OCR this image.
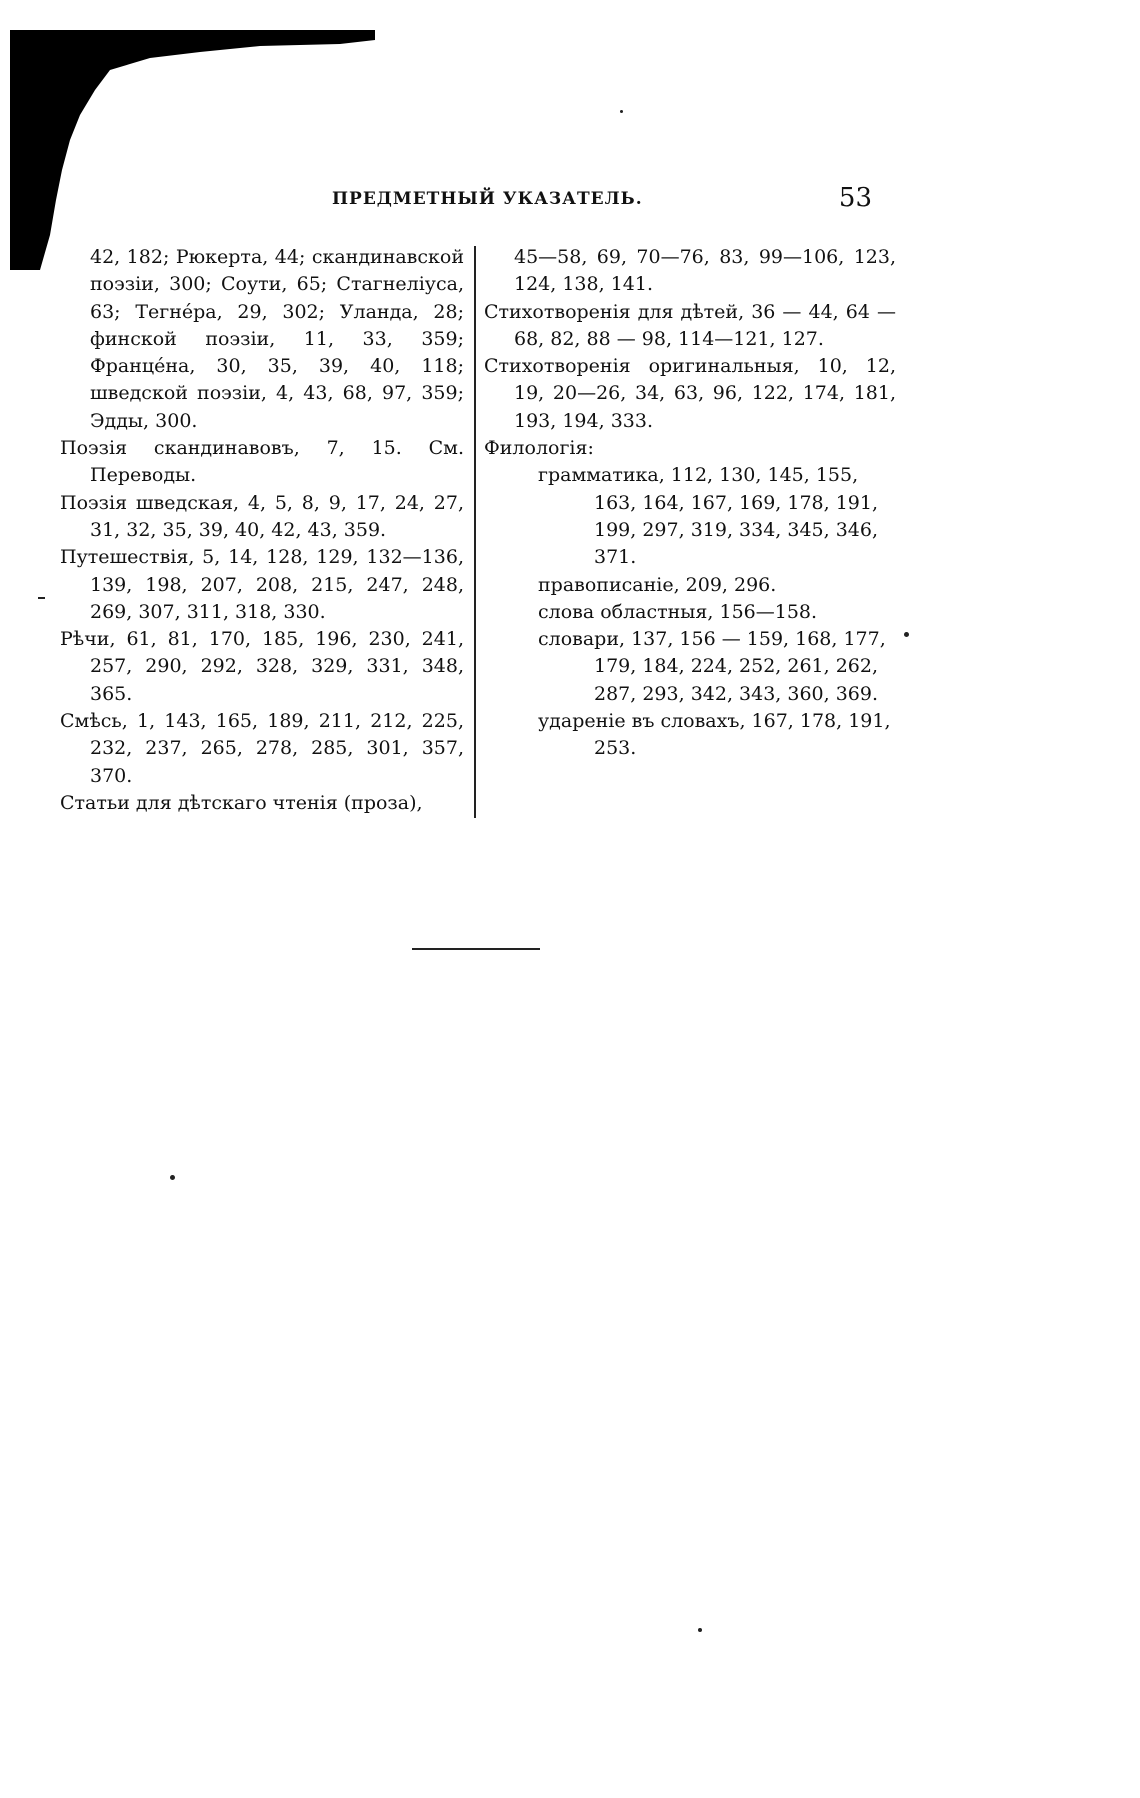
ПРЕДМЕТНЫЙ УКАЗАТЕЛЬ.	53
42, 182; Рюкерта, 44; скандинавской поэзіи, 300; Соути, 65; Стагнеліуса, 63; Тегнéра, 29, 302; Уланда, 28; финской поэзіи, 11, 33, 359; Францéна, 30, 35, 39, 40, 118; шведской поэзіи, 4, 43, 68, 97, 359; Эдды, 300.
Поэзія скандинавовъ, 7, 15. См. Переводы.
Поэзія шведская, 4, 5, 8, 9, 17, 24, 27, 31, 32, 35, 39, 40, 42, 43, 359.
Путешествія, 5, 14, 128, 129, 132—136, 139, 198, 207, 208, 215, 247, 248, 269, 307, 311, 318, 330.
Рѣчи, 61, 81, 170, 185, 196, 230, 241, 257, 290, 292, 328, 329, 331, 348, 365.
Смѣсь, 1, 143, 165, 189, 211, 212, 225, 232, 237, 265, 278, 285, 301, 357, 370.
Статьи для дѣтскаго чтенія (проза),
45—58, 69, 70—76, 83, 99—106, 123, 124, 138, 141.
Стихотворенія для дѣтей, 36 — 44, 64 — 68, 82, 88 — 98, 114—121, 127.
Стихотворенія оригинальныя, 10, 12, 19, 20—26, 34, 63, 96, 122, 174, 181, 193, 194, 333.
Филологія:
грамматика, 112, 130, 145, 155, 163, 164, 167, 169, 178, 191, 199, 297, 319, 334, 345, 346, 371.
правописаніе, 209, 296.
слова областныя, 156—158.
словари, 137, 156 — 159, 168, 177, 179, 184, 224, 252, 261, 262, 287, 293, 342, 343, 360, 369.
удареніе въ словахъ, 167, 178, 191, 253.
